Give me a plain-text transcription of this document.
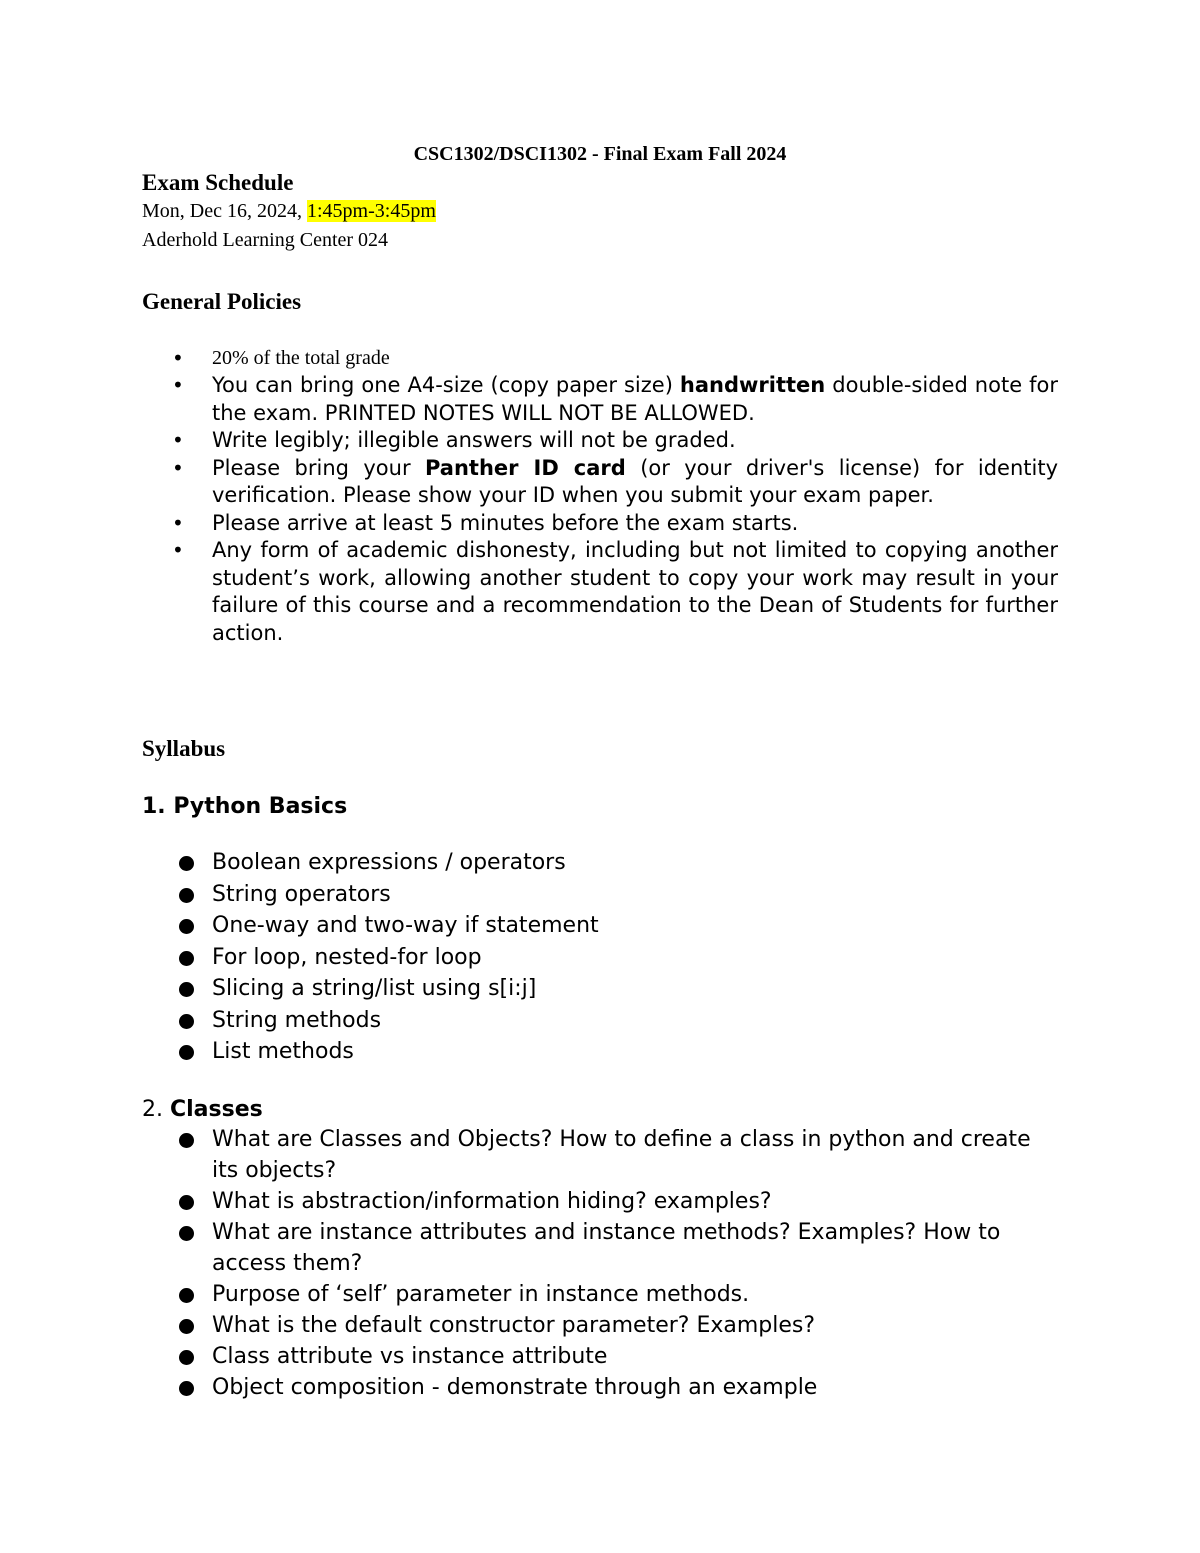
CSC1302/DSCI1302 - Final Exam Fall 2024
Exam Schedule
Mon, Dec 16, 2024, 1:45pm-3:45pm
Aderhold Learning Center 024
General Policies
• 20% of the total grade
• You can bring one A4-size (copy paper size) handwritten double-sided note for the exam. PRINTED NOTES WILL NOT BE ALLOWED.
• Write legibly; illegible answers will not be graded.
• Please bring your Panther ID card (or your driver's license) for identity verification. Please show your ID when you submit your exam paper.
• Please arrive at least 5 minutes before the exam starts.
• Any form of academic dishonesty, including but not limited to copying another student’s work, allowing another student to copy your work may result in your failure of this course and a recommendation to the Dean of Students for further action.
Syllabus
1. Python Basics
Boolean expressions / operators
String operators
One-way and two-way if statement
For loop, nested-for loop
Slicing a string/list using s[i:j]
String methods
List methods
2. Classes
What are Classes and Objects? How to define a class in python and create its objects?
What is abstraction/information hiding? examples?
What are instance attributes and instance methods? Examples? How to access them?
Purpose of ‘self’ parameter in instance methods.
What is the default constructor parameter? Examples?
Class attribute vs instance attribute
Object composition - demonstrate through an example
